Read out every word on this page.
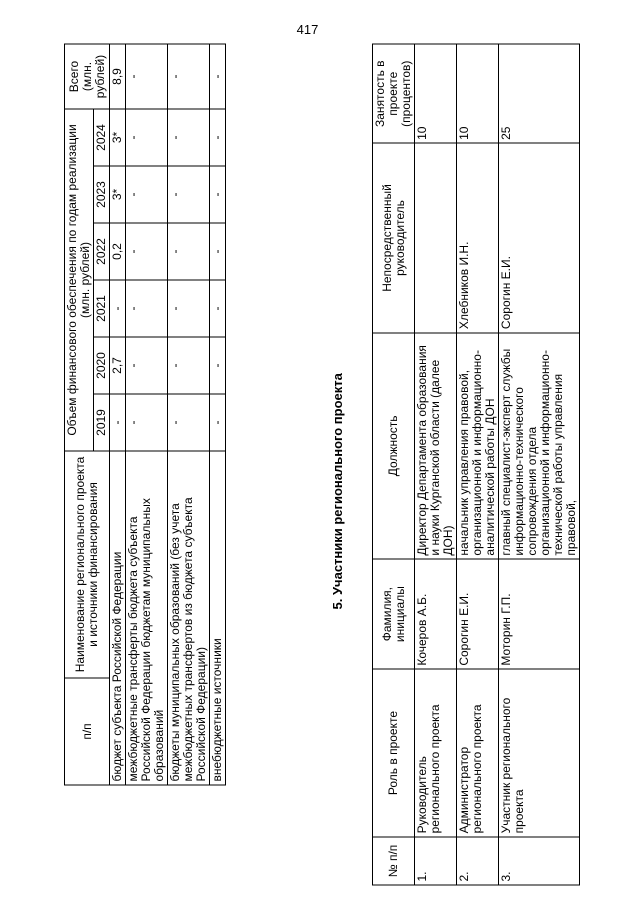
417
п/п	Наименование регионального проекта и источники финансирования	Объем финансового обеспечения по годам реализации (млн. рублей)						Всего (млн. рублей)
		2019	2020	2021	2022	2023	2024	
бюджет субъекта Российской Федерации		-	2,7	-	0,2	3*	3*	8,9
межбюджетные трансферты бюджета субъекта Российской Федерации бюджетам муниципальных образований		-	-	-	-	-	-	-
бюджеты муниципальных образований (без учета межбюджетных трансфертов из бюджета субъекта Российской Федерации)		-	-	-	-	-	-	-
внебюджетные источники		-	-	-	-	-	-	-
5. Участники регионального проекта
№ п/п	Роль в проекте	Фамилия, инициалы	Должность	Непосредственный руководитель	Занятость в проекте (процентов)
1.	Руководитель регионального проекта	Кочеров А.Б.	Директор Департамента образования и науки Курганской области (далее ДОН)		10
2.	Администратор регионального проекта	Сорогин Е.И.	начальник управления правовой, организационной и информационно-аналитической работы ДОН	Хлебников И.Н.	10
3.	Участник регионального проекта	Моторин Г.П.	главный специалист-эксперт службы информационно-технического сопровождения отдела организационной и информационно-технической работы управления правовой,	Сорогин Е.И.	25
